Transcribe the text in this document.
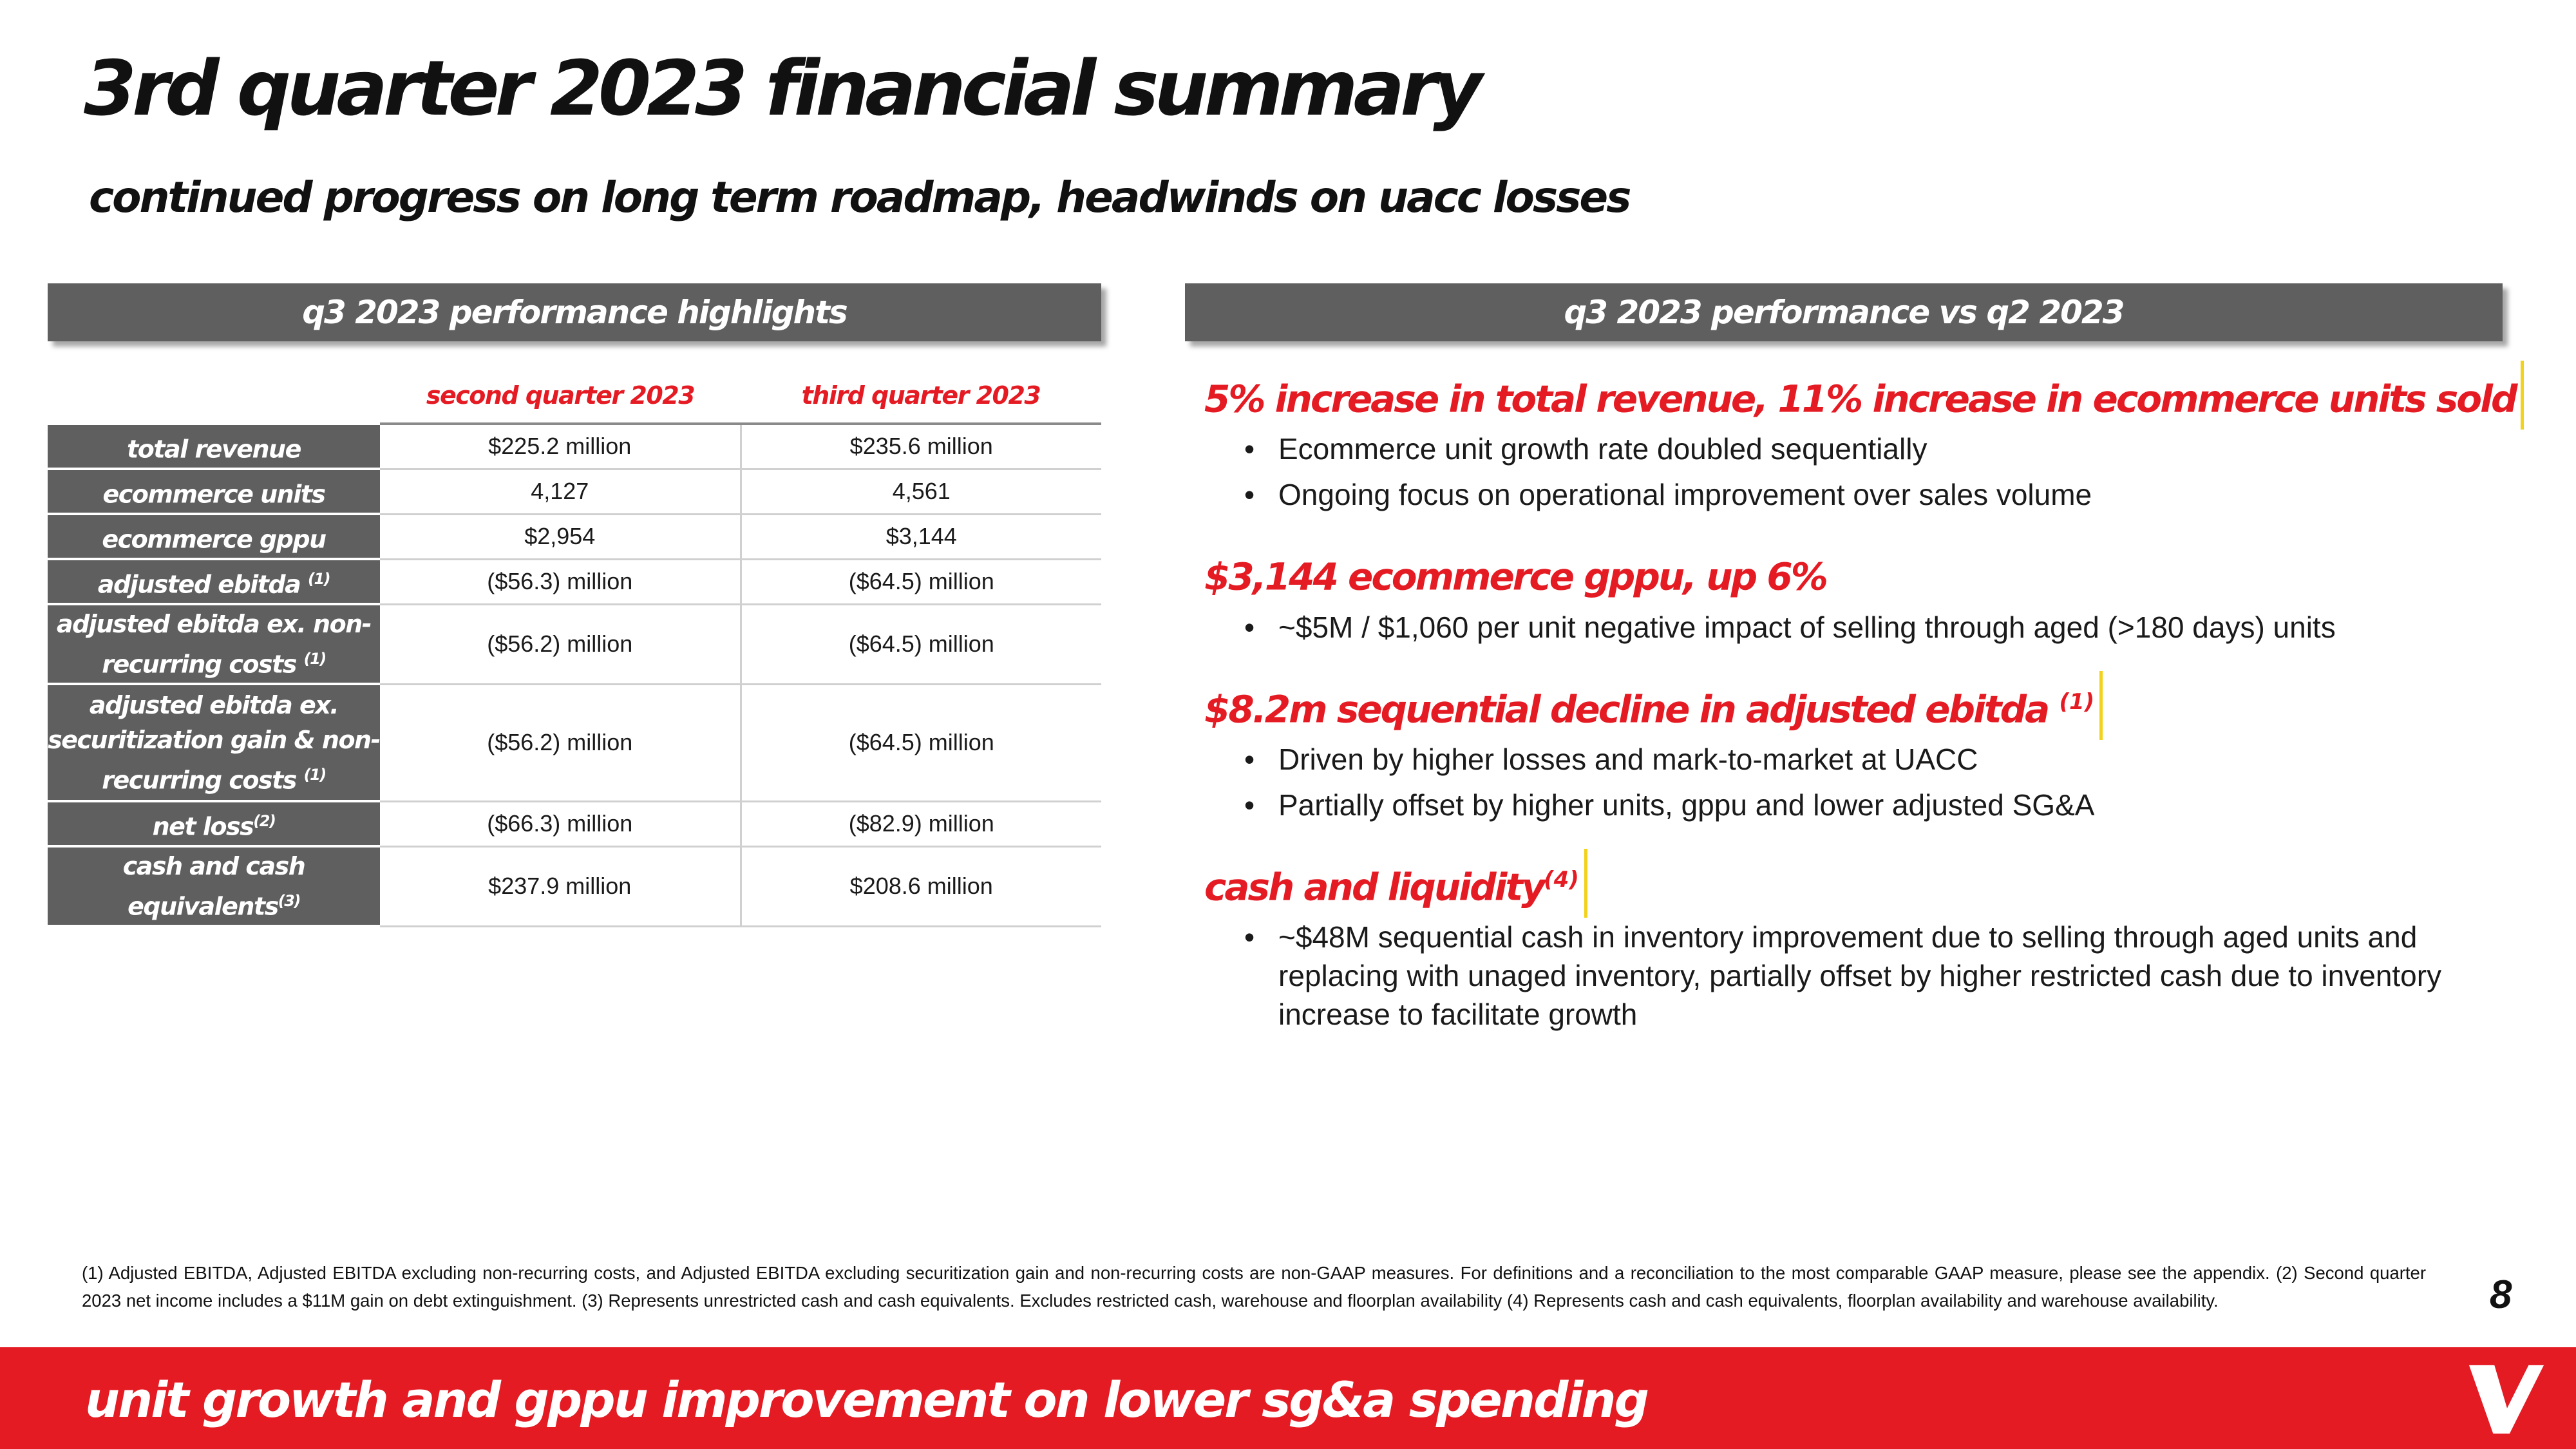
3rd quarter 2023 financial summary
continued progress on long term roadmap, headwinds on uacc losses
q3 2023 performance highlights	q3 2023 performance vs q2 2023
	second quarter 2023	third quarter 2023
total revenue	$225.2 million	$235.6 million
ecommerce units	4,127	4,561
ecommerce gppu	$2,954	$3,144
adjusted ebitda $^{(1)}$	($56.3) million	($64.5) million
adjusted ebitda ex. non-recurring costs $^{(1)}$	($56.2) million	($64.5) million
adjusted ebitda ex. securitization gain & non-recurring costs $^{(1)}$	($56.2) million	($64.5) million
net loss$^{(2)}$	($66.3) million	($82.9) million
cash and cash equivalents$^{(3)}$	$237.9 million	$208.6 million
5% increase in total revenue, 11% increase in ecommerce units sold
• Ecommerce unit growth rate doubled sequentially
• Ongoing focus on operational improvement over sales volume
$3,144 ecommerce gppu, up 6%
• ~$5M / $1,060 per unit negative impact of selling through aged (>180 days) units
$8.2m sequential decline in adjusted ebitda $^{(1)}$
• Driven by higher losses and mark-to-market at UACC
• Partially offset by higher units, gppu and lower adjusted SG&A
cash and liquidity$^{(4)}$
• ~$48M sequential cash in inventory improvement due to selling through aged units and replacing with unaged inventory, partially offset by higher restricted cash due to inventory increase to facilitate growth
(1) Adjusted EBITDA, Adjusted EBITDA excluding non-recurring costs, and Adjusted EBITDA excluding securitization gain and non-recurring costs are non-GAAP measures. For definitions and a reconciliation to the most comparable GAAP measure, please see the appendix. (2) Second quarter 2023 net income includes a $11M gain on debt extinguishment. (3) Represents unrestricted cash and cash equivalents. Excludes restricted cash, warehouse and floorplan availability (4) Represents cash and cash equivalents, floorplan availability and warehouse availability.	8
unit growth and gppu improvement on lower sg&a spending
